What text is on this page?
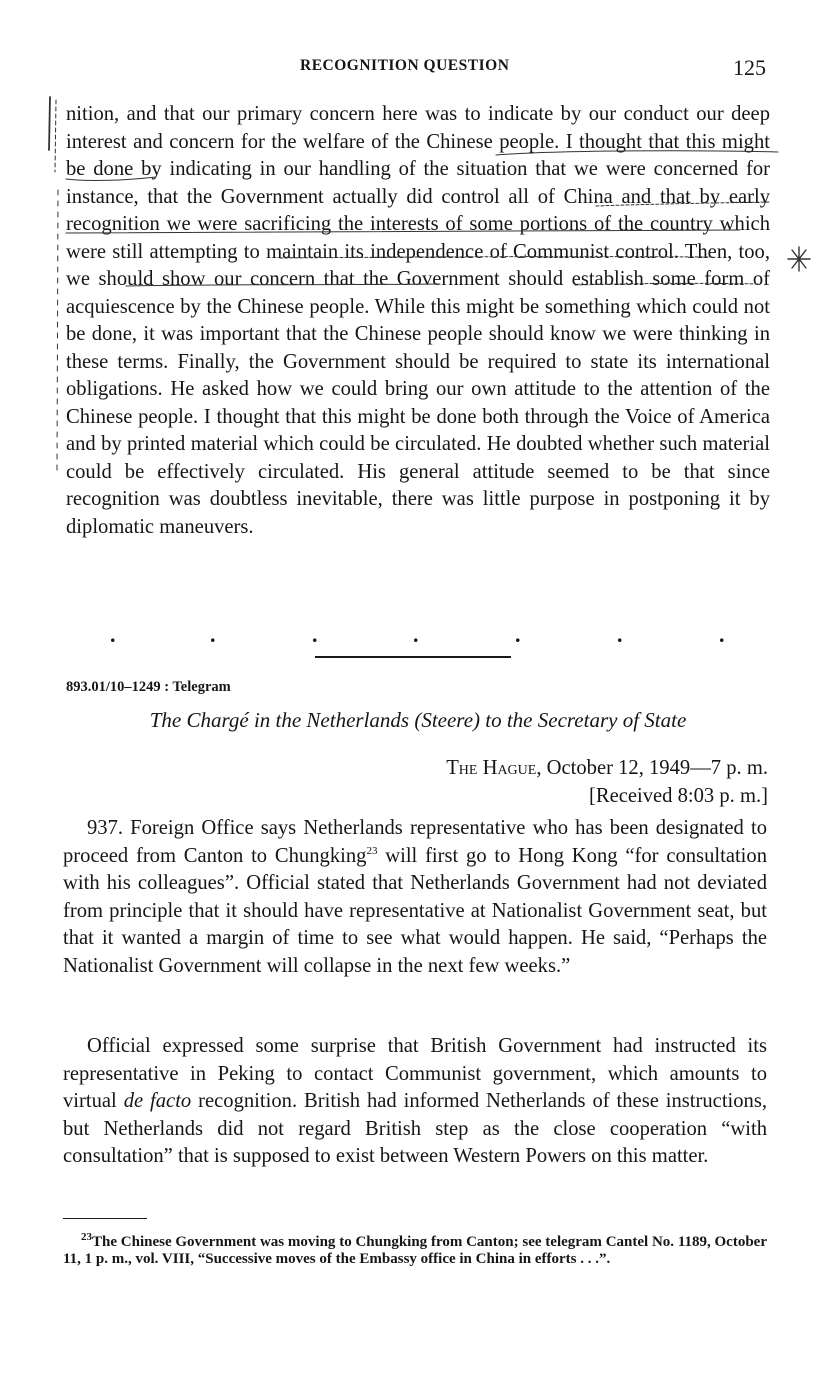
RECOGNITION QUESTION	125

nition, and that our primary concern here was to indicate by our conduct our deep interest and concern for the welfare of the Chinese people. I thought that this might be done by indicating in our handling of the situation that we were concerned for instance, that the Government actually did control all of China and that by early recognition we were sacrificing the interests of some portions of the country which were still attempting to maintain its independence of Communist control. Then, too, we should show our concern that the Government should establish some form of acquiescence by the Chinese people. While this might be something which could not be done, it was important that the Chinese people should know we were thinking in these terms. Finally, the Government should be required to state its international obligations. He asked how we could bring our own attitude to the attention of the Chinese people. I thought that this might be done both through the Voice of America and by printed material which could be circulated. He doubted whether such material could be effectively circulated. His general attitude seemed to be that since recognition was doubtless inevitable, there was little purpose in postponing it by diplomatic maneuvers.

.	.	.	.	.	.	.
893.01/10–1249 : Telegram
The Chargé in the Netherlands (Steere) to the Secretary of State
The Hague, October 12, 1949—7 p. m.
[Received 8:03 p. m.]

937. Foreign Office says Netherlands representative who has been designated to proceed from Canton to Chungking$^{23}$ will first go to Hong Kong “for consultation with his colleagues”. Official stated that Netherlands Government had not deviated from principle that it should have representative at Nationalist Government seat, but that it wanted a margin of time to see what would happen. He said, “Perhaps the Nationalist Government will collapse in the next few weeks.”

Official expressed some surprise that British Government had instructed its representative in Peking to contact Communist government, which amounts to virtual de facto recognition. British had informed Netherlands of these instructions, but Netherlands did not regard British step as the close cooperation “with consultation” that is supposed to exist between Western Powers on this matter.

$^{23}$The Chinese Government was moving to Chungking from Canton; see telegram Cantel No. 1189, October 11, 1 p. m., vol. VIII, “Successive moves of the Embassy office in China in efforts . . .”.
